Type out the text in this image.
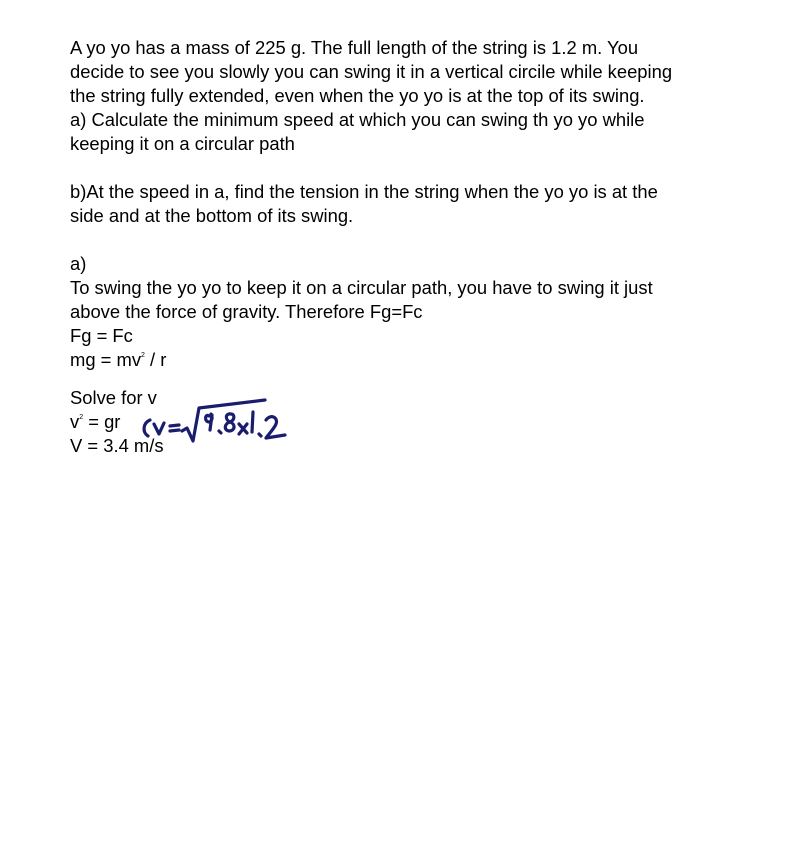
A yo yo has a mass of 225 g. The full length of the string is 1.2 m. You
decide to see you slowly you can swing it in a vertical circile while keeping
the string fully extended, even when the yo yo is at the top of its swing.
a) Calculate the minimum speed at which you can swing th yo yo while
keeping it on a circular path
b)At the speed in a, find the tension in the string when the yo yo is at the
side and at the bottom of its swing.
a)
To swing the yo yo to keep it on a circular path, you have to swing it just
above the force of gravity. Therefore Fg=Fc
Fg = Fc
mg = $mv^2$ / r
Solve for v
$v^2$ = gr
V = 3.4 m/s
